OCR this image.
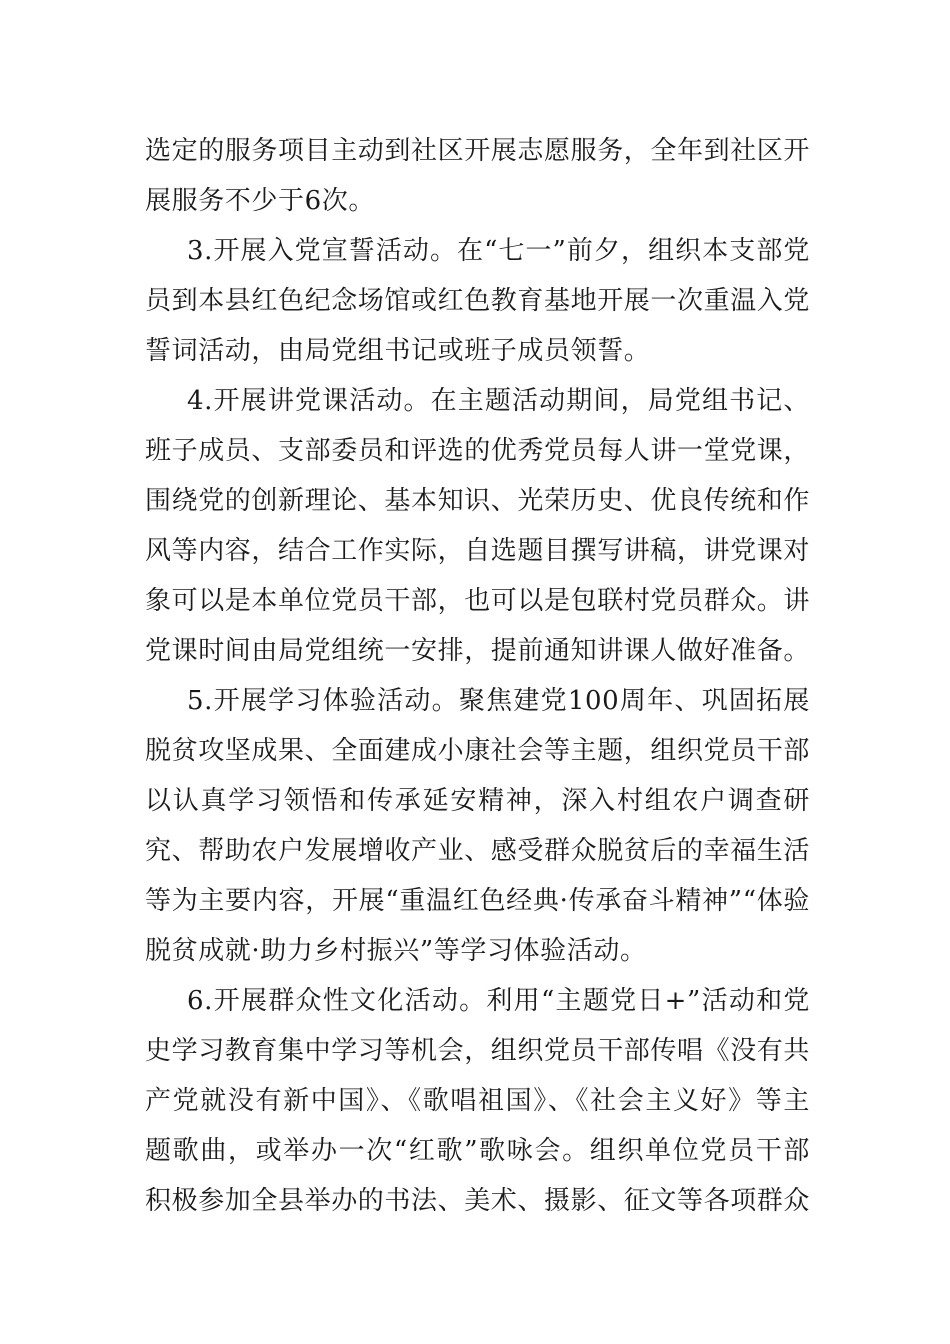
选定的服务项目主动到社区开展志愿服务，全年到社区开展服务不少于6次。

3.开展入党宣誓活动。在“七一”前夕，组织本支部党员到本县红色纪念场馆或红色教育基地开展一次重温入党誓词活动，由局党组书记或班子成员领誓。

4.开展讲党课活动。在主题活动期间，局党组书记、班子成员、支部委员和评选的优秀党员每人讲一堂党课，围绕党的创新理论、基本知识、光荣历史、优良传统和作风等内容，结合工作实际，自选题目撰写讲稿，讲党课对象可以是本单位党员干部，也可以是包联村党员群众。讲党课时间由局党组统一安排，提前通知讲课人做好准备。

5.开展学习体验活动。聚焦建党100周年、巩固拓展脱贫攻坚成果、全面建成小康社会等主题，组织党员干部以认真学习领悟和传承延安精神，深入村组农户调查研究、帮助农户发展增收产业、感受群众脱贫后的幸福生活等为主要内容，开展“重温红色经典·传承奋斗精神”“体验脱贫成就·助力乡村振兴”等学习体验活动。

6.开展群众性文化活动。利用“主题党日+”活动和党史学习教育集中学习等机会，组织党员干部传唱《没有共产党就没有新中国》、《歌唱祖国》、《社会主义好》等主题歌曲，或举办一次“红歌”歌咏会。组织单位党员干部积极参加全县举办的书法、美术、摄影、征文等各项群众
